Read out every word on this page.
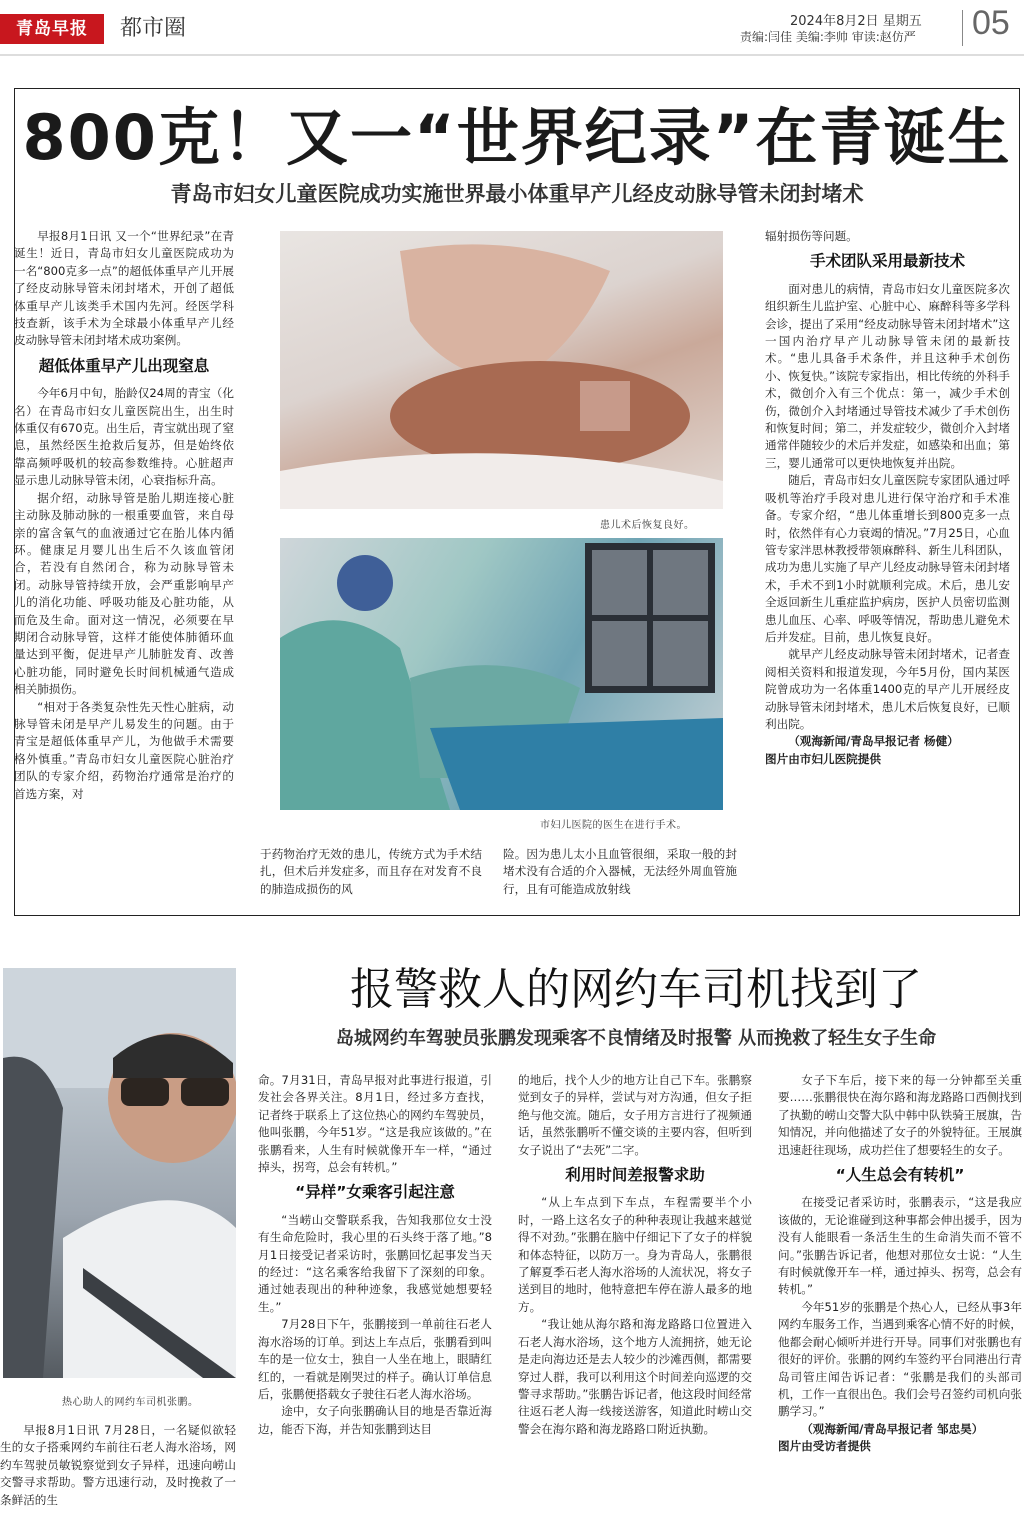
青岛早报	都市圈	2024年8月2日 星期五
责编:闫佳 美编:李帅 审读:赵仿严 05
800克！又一“世界纪录”在青诞生
青岛市妇女儿童医院成功实施世界最小体重早产儿经皮动脉导管未闭封堵术

早报8月1日讯 又一个“世界纪录”在青诞生！近日，青岛市妇女儿童医院成功为一名“800克多一点”的超低体重早产儿开展了经皮动脉导管未闭封堵术，开创了超低体重早产儿该类手术国内先河。经医学科技查新，该手术为全球最小体重早产儿经皮动脉导管未闭封堵术成功案例。

超低体重早产儿出现窒息

今年6月中旬，胎龄仅24周的青宝（化名）在青岛市妇女儿童医院出生，出生时体重仅有670克。出生后，青宝就出现了窒息，虽然经医生抢救后复苏，但是始终依靠高频呼吸机的较高参数维持。心脏超声显示患儿动脉导管未闭，心衰指标升高。

据介绍，动脉导管是胎儿期连接心脏主动脉及肺动脉的一根重要血管，来自母亲的富含氧气的血液通过它在胎儿体内循环。健康足月婴儿出生后不久该血管闭合，若没有自然闭合，称为动脉导管未闭。动脉导管持续开放，会严重影响早产儿的消化功能、呼吸功能及心脏功能，从而危及生命。面对这一情况，必须要在早期闭合动脉导管，这样才能使体肺循环血量达到平衡，促进早产儿肺脏发育、改善心脏功能，同时避免长时间机械通气造成相关肺损伤。

“相对于各类复杂性先天性心脏病，动脉导管未闭是早产儿易发生的问题。由于青宝是超低体重早产儿，为他做手术需要格外慎重。”青岛市妇女儿童医院心脏治疗团队的专家介绍，药物治疗通常是治疗的首选方案，对

患儿术后恢复良好。
市妇儿医院的医生在进行手术。

于药物治疗无效的患儿，传统方式为手术结扎，但术后并发症多，而且存在对发育不良的肺造成损伤的风

险。因为患儿太小且血管很细，采取一般的封堵术没有合适的介入器械，无法经外周血管施行，且有可能造成放射线

辐射损伤等问题。

手术团队采用最新技术

面对患儿的病情，青岛市妇女儿童医院多次组织新生儿监护室、心脏中心、麻醉科等多学科会诊，提出了采用“经皮动脉导管未闭封堵术”这一国内治疗早产儿动脉导管未闭的最新技术。“患儿具备手术条件，并且这种手术创伤小、恢复快。”该院专家指出，相比传统的外科手术，微创介入有三个优点：第一，减少手术创伤，微创介入封堵通过导管技术减少了手术创伤和恢复时间；第二，并发症较少，微创介入封堵通常伴随较少的术后并发症，如感染和出血；第三，婴儿通常可以更快地恢复并出院。

随后，青岛市妇女儿童医院专家团队通过呼吸机等治疗手段对患儿进行保守治疗和手术准备。专家介绍，“患儿体重增长到800克多一点时，依然伴有心力衰竭的情况。”7月25日，心血管专家泮思林教授带领麻醉科、新生儿科团队，成功为患儿实施了早产儿经皮动脉导管未闭封堵术，手术不到1小时就顺利完成。术后，患儿安全返回新生儿重症监护病房，医护人员密切监测患儿血压、心率、呼吸等情况，帮助患儿避免术后并发症。目前，患儿恢复良好。

就早产儿经皮动脉导管未闭封堵术，记者查阅相关资料和报道发现，今年5月份，国内某医院曾成功为一名体重1400克的早产儿开展经皮动脉导管未闭封堵术，患儿术后恢复良好，已顺利出院。

（观海新闻/青岛早报记者 杨健）

图片由市妇儿医院提供

热心助人的网约车司机张鹏。
报警救人的网约车司机找到了
岛城网约车驾驶员张鹏发现乘客不良情绪及时报警 从而挽救了轻生女子生命

早报8月1日讯 7月28日，一名疑似欲轻生的女子搭乘网约车前往石老人海水浴场，网约车驾驶员敏锐察觉到女子异样，迅速向崂山交警寻求帮助。警方迅速行动，及时挽救了一条鲜活的生

命。7月31日，青岛早报对此事进行报道，引发社会各界关注。8月1日，经过多方查找，记者终于联系上了这位热心的网约车驾驶员，他叫张鹏，今年51岁。“这是我应该做的。”在张鹏看来，人生有时候就像开车一样，“通过掉头，拐弯，总会有转机。”

“异样”女乘客引起注意

“当崂山交警联系我，告知我那位女士没有生命危险时，我心里的石头终于落了地。”8月1日接受记者采访时，张鹏回忆起事发当天的经过：“这名乘客给我留下了深刻的印象。通过她表现出的种种迹象，我感觉她想要轻生。”

7月28日下午，张鹏接到一单前往石老人海水浴场的订单。到达上车点后，张鹏看到叫车的是一位女士，独自一人坐在地上，眼睛红红的，一看就是刚哭过的样子。确认订单信息后，张鹏便搭载女子驶往石老人海水浴场。

途中，女子向张鹏确认目的地是否靠近海边，能否下海，并告知张鹏到达目

的地后，找个人少的地方让自己下车。张鹏察觉到女子的异样，尝试与对方沟通，但女子拒绝与他交流。随后，女子用方言进行了视频通话，虽然张鹏听不懂交谈的主要内容，但听到女子说出了“去死”二字。

利用时间差报警求助

“从上车点到下车点，车程需要半个小时，一路上这名女子的种种表现让我越来越觉得不对劲。”张鹏在脑中仔细记下了女子的样貌和体态特征，以防万一。身为青岛人，张鹏很了解夏季石老人海水浴场的人流状况，将女子送到目的地时，他特意把车停在游人最多的地方。

“我让她从海尔路和海龙路路口位置进入石老人海水浴场，这个地方人流拥挤，她无论是走向海边还是去人较少的沙滩西侧，都需要穿过人群，我可以利用这个时间差向巡逻的交警寻求帮助。”张鹏告诉记者，他这段时间经常往返石老人海一线接送游客，知道此时崂山交警会在海尔路和海龙路路口附近执勤。

女子下车后，接下来的每一分钟都至关重要……张鹏很快在海尔路和海龙路路口西侧找到了执勤的崂山交警大队中韩中队铁骑王展旗，告知情况，并向他描述了女子的外貌特征。王展旗迅速赶往现场，成功拦住了想要轻生的女子。

“人生总会有转机”

在接受记者采访时，张鹏表示，“这是我应该做的，无论谁碰到这种事都会伸出援手，因为没有人能眼看一条活生生的生命消失而不管不问。”张鹏告诉记者，他想对那位女士说：“人生有时候就像开车一样，通过掉头、拐弯，总会有转机。”

今年51岁的张鹏是个热心人，已经从事3年网约车服务工作，当遇到乘客心情不好的时候，他都会耐心倾听并进行开导。同事们对张鹏也有很好的评价。张鹏的网约车签约平台同港出行青岛司管庄闻告诉记者：“张鹏是我们的头部司机，工作一直很出色。我们会号召签约司机向张鹏学习。”

（观海新闻/青岛早报记者 邹忠昊）

图片由受访者提供
